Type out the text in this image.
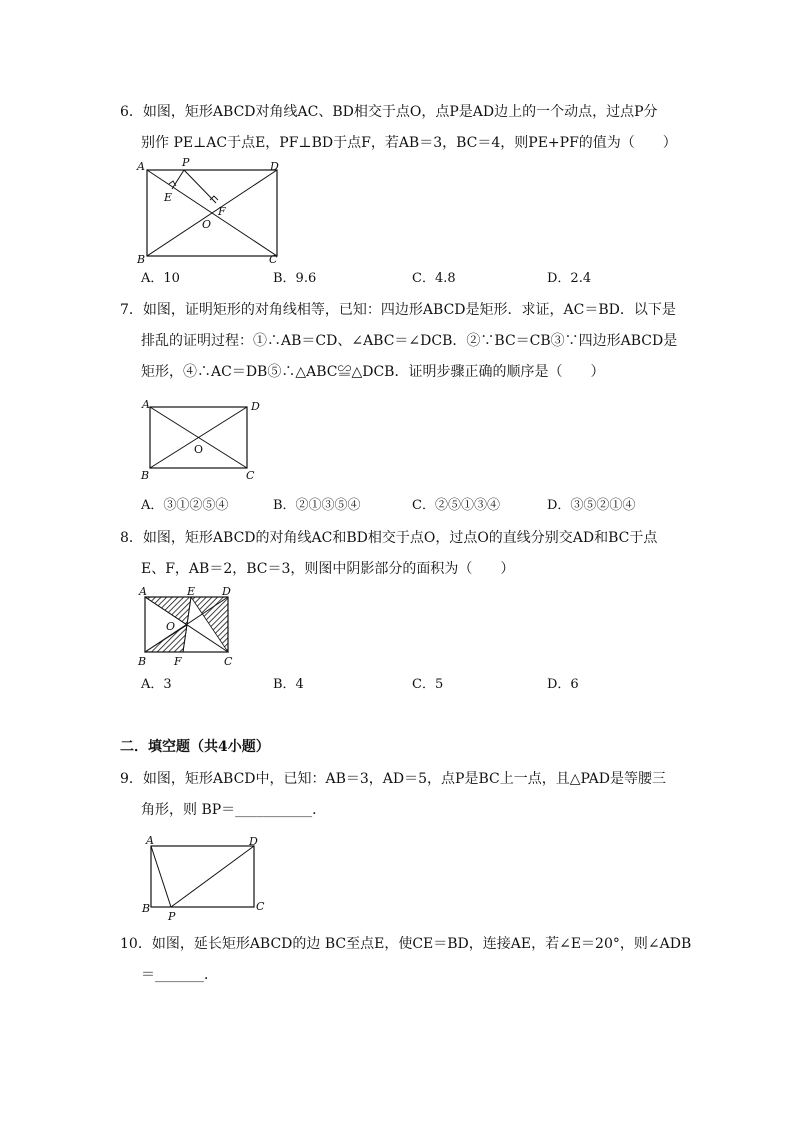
6．如图，矩形ABCD对角线AC、BD相交于点O，点P是AD边上的一个动点，过点P分
别作 PE⊥AC于点E，PF⊥BD于点F，若AB＝3，BC＝4，则PE+PF的值为（　　）
A	P	D
E
F
O
B	C
A．10	B．9.6	C．4.8	D．2.4
7．如图，证明矩形的对角线相等，已知：四边形ABCD是矩形．求证，AC＝BD．以下是
排乱的证明过程：①∴AB＝CD、∠ABC＝∠DCB．②∵BC＝CB③∵四边形ABCD是
矩形，④∴AC＝DB⑤∴△ABC≌△DCB．证明步骤正确的顺序是（　　）
A	D
O
B	C
A．③①②⑤④	B．②①③⑤④	C．②⑤①③④	D．③⑤②①④
8．如图，矩形ABCD的对角线AC和BD相交于点O，过点O的直线分别交AD和BC于点
E、F，AB＝2，BC＝3，则图中阴影部分的面积为（　　）
A	E D
O
B	F	C
A．3	B．4	C．5	D．6
二．填空题（共4小题）
9．如图，矩形ABCD中，已知：AB＝3，AD＝5，点P是BC上一点，且△PAD是等腰三
角形，则 BP＝___________．
A	D
B
P
C
10．如图，延长矩形ABCD的边 BC至点E，使CE＝BD，连接AE，若∠E＝20°，则∠ADB
＝_______．
